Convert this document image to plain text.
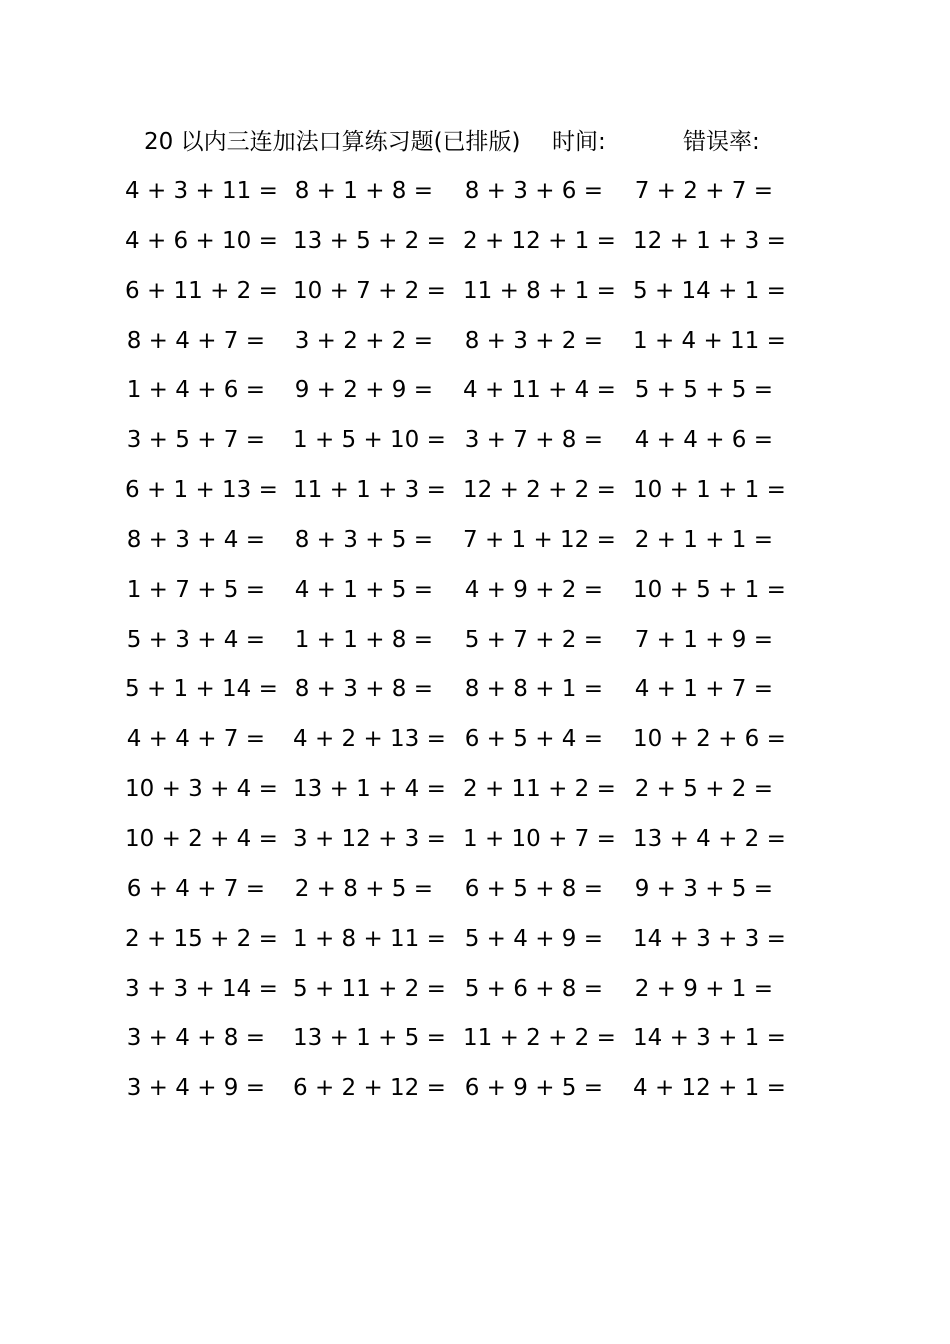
20 以内三连加法口算练习题(已排版) 时间:	错误率:
4 + 3 + 11 = 8 + 1 + 8 = 8 + 3 + 6 = 7 + 2 + 7 =
4 + 6 + 10 = 13 + 5 + 2 = 2 + 12 + 1 = 12 + 1 + 3 =
6 + 11 + 2 = 10 + 7 + 2 = 11 + 8 + 1 = 5 + 14 + 1 =
8 + 4 + 7 = 3 + 2 + 2 = 8 + 3 + 2 = 1 + 4 + 11 =
1 + 4 + 6 = 9 + 2 + 9 = 4 + 11 + 4 = 5 + 5 + 5 =
3 + 5 + 7 = 1 + 5 + 10 = 3 + 7 + 8 = 4 + 4 + 6 =
6 + 1 + 13 = 11 + 1 + 3 = 12 + 2 + 2 = 10 + 1 + 1 =
8 + 3 + 4 = 8 + 3 + 5 = 7 + 1 + 12 = 2 + 1 + 1 =
1 + 7 + 5 = 4 + 1 + 5 = 4 + 9 + 2 = 10 + 5 + 1 =
5 + 3 + 4 = 1 + 1 + 8 = 5 + 7 + 2 = 7 + 1 + 9 =
5 + 1 + 14 = 8 + 3 + 8 = 8 + 8 + 1 = 4 + 1 + 7 =
4 + 4 + 7 = 4 + 2 + 13 = 6 + 5 + 4 = 10 + 2 + 6 =
10 + 3 + 4 = 13 + 1 + 4 = 2 + 11 + 2 = 2 + 5 + 2 =
10 + 2 + 4 = 3 + 12 + 3 = 1 + 10 + 7 = 13 + 4 + 2 =
6 + 4 + 7 = 2 + 8 + 5 = 6 + 5 + 8 = 9 + 3 + 5 =
2 + 15 + 2 = 1 + 8 + 11 = 5 + 4 + 9 = 14 + 3 + 3 =
3 + 3 + 14 = 5 + 11 + 2 = 5 + 6 + 8 = 2 + 9 + 1 =
3 + 4 + 8 = 13 + 1 + 5 = 11 + 2 + 2 = 14 + 3 + 1 =
3 + 4 + 9 = 6 + 2 + 12 = 6 + 9 + 5 = 4 + 12 + 1 =
